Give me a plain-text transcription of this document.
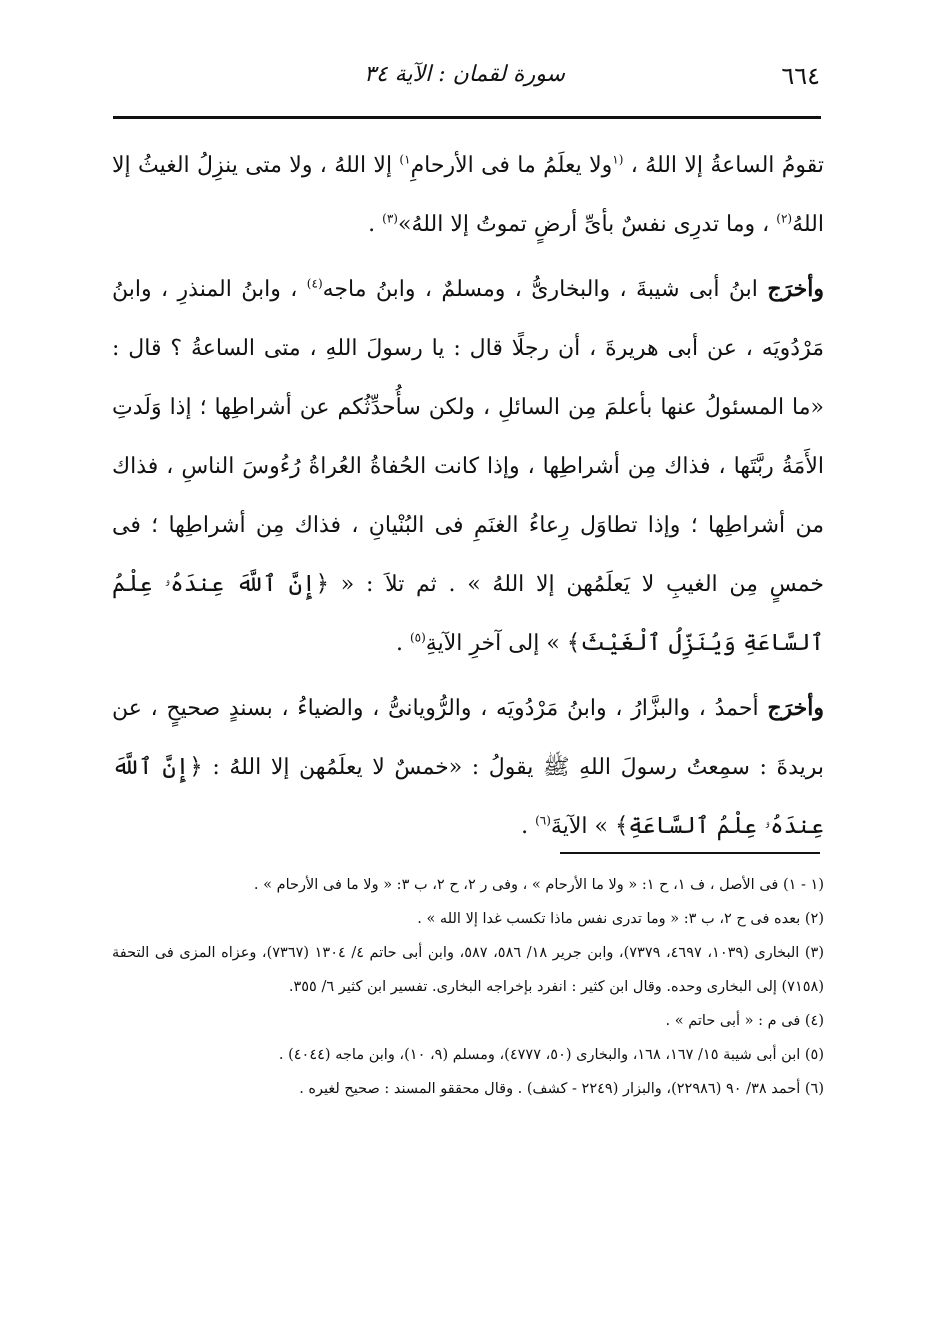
٦٦٤
سورة لقمان : الآية ٣٤

تقومُ الساعةُ إلا اللهُ ، $^{(١}$ولا يعلَمُ ما فى الأرحامِ$^{١)}$ إلا اللهُ ، ولا متى ينزِلُ الغيثُ إلا اللهُ$^{(٢)}$ ، وما تدرِى نفسٌ بأىِّ أرضٍ تموتُ إلا اللهُ»$^{(٣)}$ .

وأخرَج ابنُ أبى شيبةَ ، والبخارىُّ ، ومسلمٌ ، وابنُ ماجه$^{(٤)}$ ، وابنُ المنذرِ ، وابنُ مَرْدُويَه ، عن أبى هريرةَ ، أن رجلًا قال : يا رسولَ اللهِ ، متى الساعةُ ؟ قال : «ما المسئولُ عنها بأعلمَ مِن السائلِ ، ولكن سأُحدِّثُكم عن أشراطِها ؛ إذا وَلَدتِ الأَمَةُ ربَّتَها ، فذاك مِن أشراطِها ، وإذا كانت الحُفاةُ العُراةُ رُءُوسَ الناسِ ، فذاك من أشراطِها ؛ وإذا تطاوَل رِعاءُ الغنَمِ فى البُنْيانِ ، فذاك مِن أشراطِها ؛ فى خمسٍ مِن الغيبِ لا يَعلَمُهن إلا اللهُ » . ثم تلاَ : « ﴿إِنَّ ٱللَّهَ عِندَهُۥ عِلْمُ ٱلسَّاعَةِ وَيُنَزِّلُ ٱلْغَيْثَ﴾ » إلى آخرِ الآيةِ$^{(٥)}$ .

وأخرَج أحمدُ ، والبزَّارُ ، وابنُ مَرْدُويَه ، والرُّويانىُّ ، والضياءُ ، بسندٍ صحيحٍ ، عن بريدةَ : سمِعتُ رسولَ اللهِ ﷺ يقولُ : «خمسٌ لا يعلَمُهن إلا اللهُ : ﴿إِنَّ ٱللَّهَ عِندَهُۥ عِلْمُ ٱلسَّاعَةِ﴾ » الآيةَ$^{(٦)}$ .

(١ - ١) فى الأصل ، ف ١، ح ١: « ولا ما الأرحام » ، وفى ر ٢، ح ٢، ب ٣: « ولا ما فى الأرحام » .

(٢) بعده فى ح ٢، ب ٣: « وما تدرى نفس ماذا تكسب غدا إلا الله » .

(٣) البخارى (١٠٣٩، ٤٦٩٧، ٧٣٧٩)، وابن جرير ١٨/ ٥٨٦، ٥٨٧، وابن أبى حاتم ٤/ ١٣٠٤ (٧٣٦٧)، وعزاه المزى فى التحفة (٧١٥٨) إلى البخارى وحده. وقال ابن كثير : انفرد بإخراجه البخارى. تفسير ابن كثير ٦/ ٣٥٥.

(٤) فى م : « أبى حاتم » .

(٥) ابن أبى شيبة ١٥/ ١٦٧، ١٦٨، والبخارى (٥٠، ٤٧٧٧)، ومسلم (٩، ١٠)، وابن ماجه (٤٠٤٤) .

(٦) أحمد ٣٨/ ٩٠ (٢٢٩٨٦)، والبزار (٢٢٤٩ - كشف) . وقال محققو المسند : صحيح لغيره .
